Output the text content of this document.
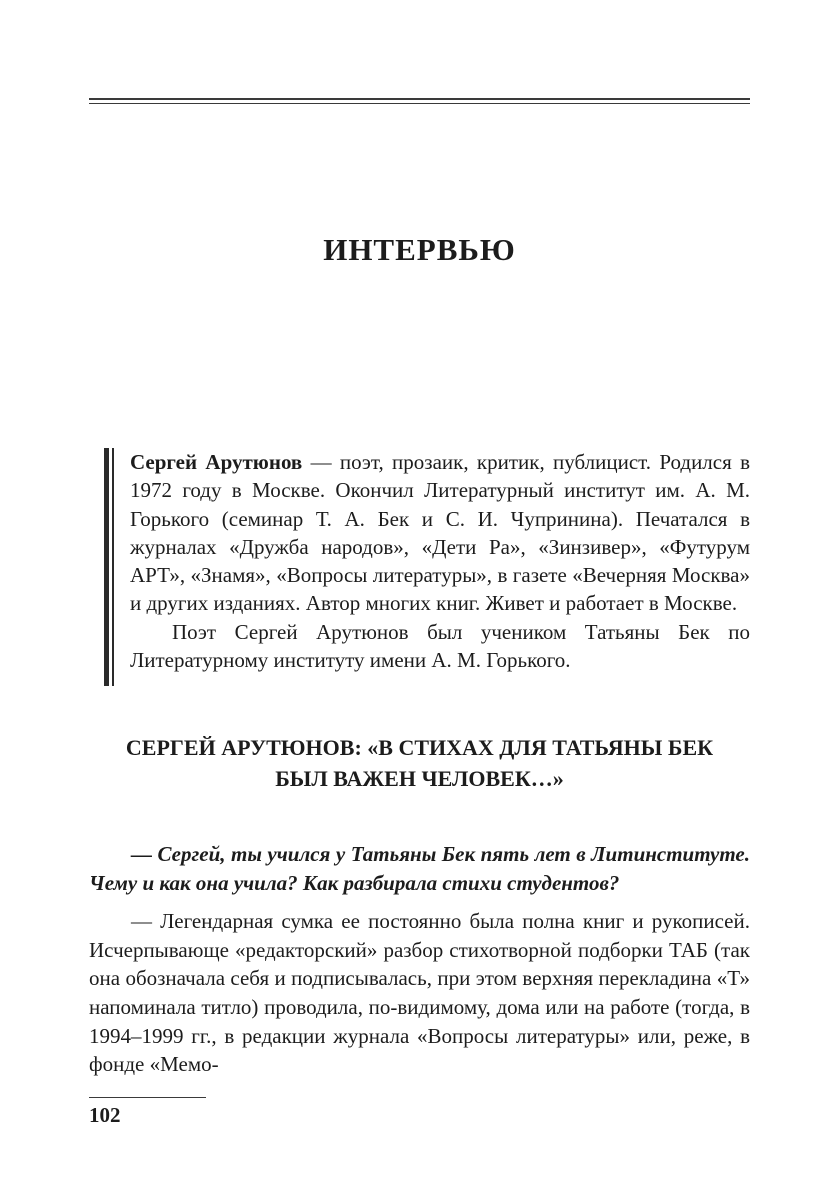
ИНТЕРВЬЮ

Сергей Арутюнов — поэт, прозаик, критик, публицист. Родился в 1972 году в Москве. Окончил Литературный институт им. А. М. Горького (семинар Т. А. Бек и С. И. Чупринина). Печатался в журналах «Дружба народов», «Дети Ра», «Зинзивер», «Футурум АРТ», «Знамя», «Вопросы литературы», в газете «Вечерняя Москва» и других изданиях. Автор многих книг. Живет и работает в Москве.

Поэт Сергей Арутюнов был учеником Татьяны Бек по Литературному институту имени А. М. Горького.

СЕРГЕЙ АРУТЮНОВ: «В СТИХАХ ДЛЯ ТАТЬЯНЫ БЕК
БЫЛ ВАЖЕН ЧЕЛОВЕК…»

— Сергей, ты учился у Татьяны Бек пять лет в Литинституте. Чему и как она учила? Как разбирала стихи студентов?

— Легендарная сумка ее постоянно была полна книг и рукописей. Исчерпывающе «редакторский» разбор стихотворной подборки ТАБ (так она обозначала себя и подписывалась, при этом верхняя перекладина «Т» напоминала титло) проводила, по-видимому, дома или на работе (тогда, в 1994–1999 гг., в редакции журнала «Вопросы литературы» или, реже, в фонде «Мемо-

102
